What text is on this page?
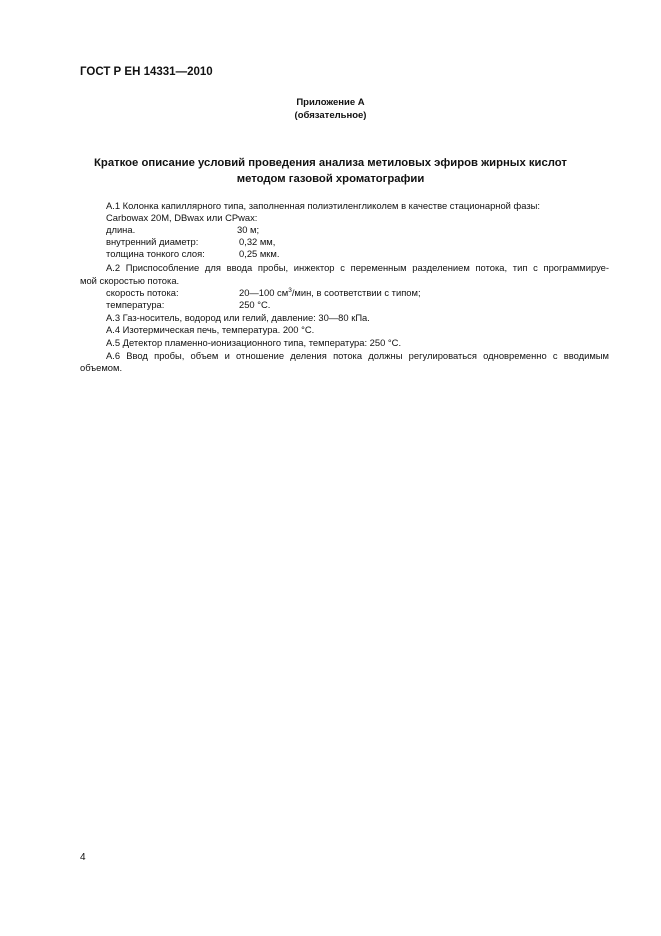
ГОСТ Р ЕН 14331—2010
Приложение А
(обязательное)
Краткое описание условий проведения анализа метиловых эфиров жирных кислот
методом газовой хроматографии
А.1 Колонка капиллярного типа, заполненная полиэтиленгликолем в качестве стационарной фазы:
Carbowax 20M, DBwax или CPwax:
длина.	30 м;
внутренний диаметр:	0,32 мм,
толщина тонкого слоя:	0,25 мкм.
А.2 Приспособление для ввода пробы, инжектор с переменным разделением потока, тип с программируе-
мой скоростью потока.
скорость потока:	20—100 $см^3$/мин, в соответствии с типом;
температура:	250 °С.
А.3 Газ-носитель, водород или гелий, давление: 30—80 кПа.
А.4 Изотермическая печь, температура. 200 °С.
А.5 Детектор пламенно-ионизационного типа, температура: 250 °С.
А.6 Ввод пробы, объем и отношение деления потока должны регулироваться одновременно с вводимым
объемом.
4
